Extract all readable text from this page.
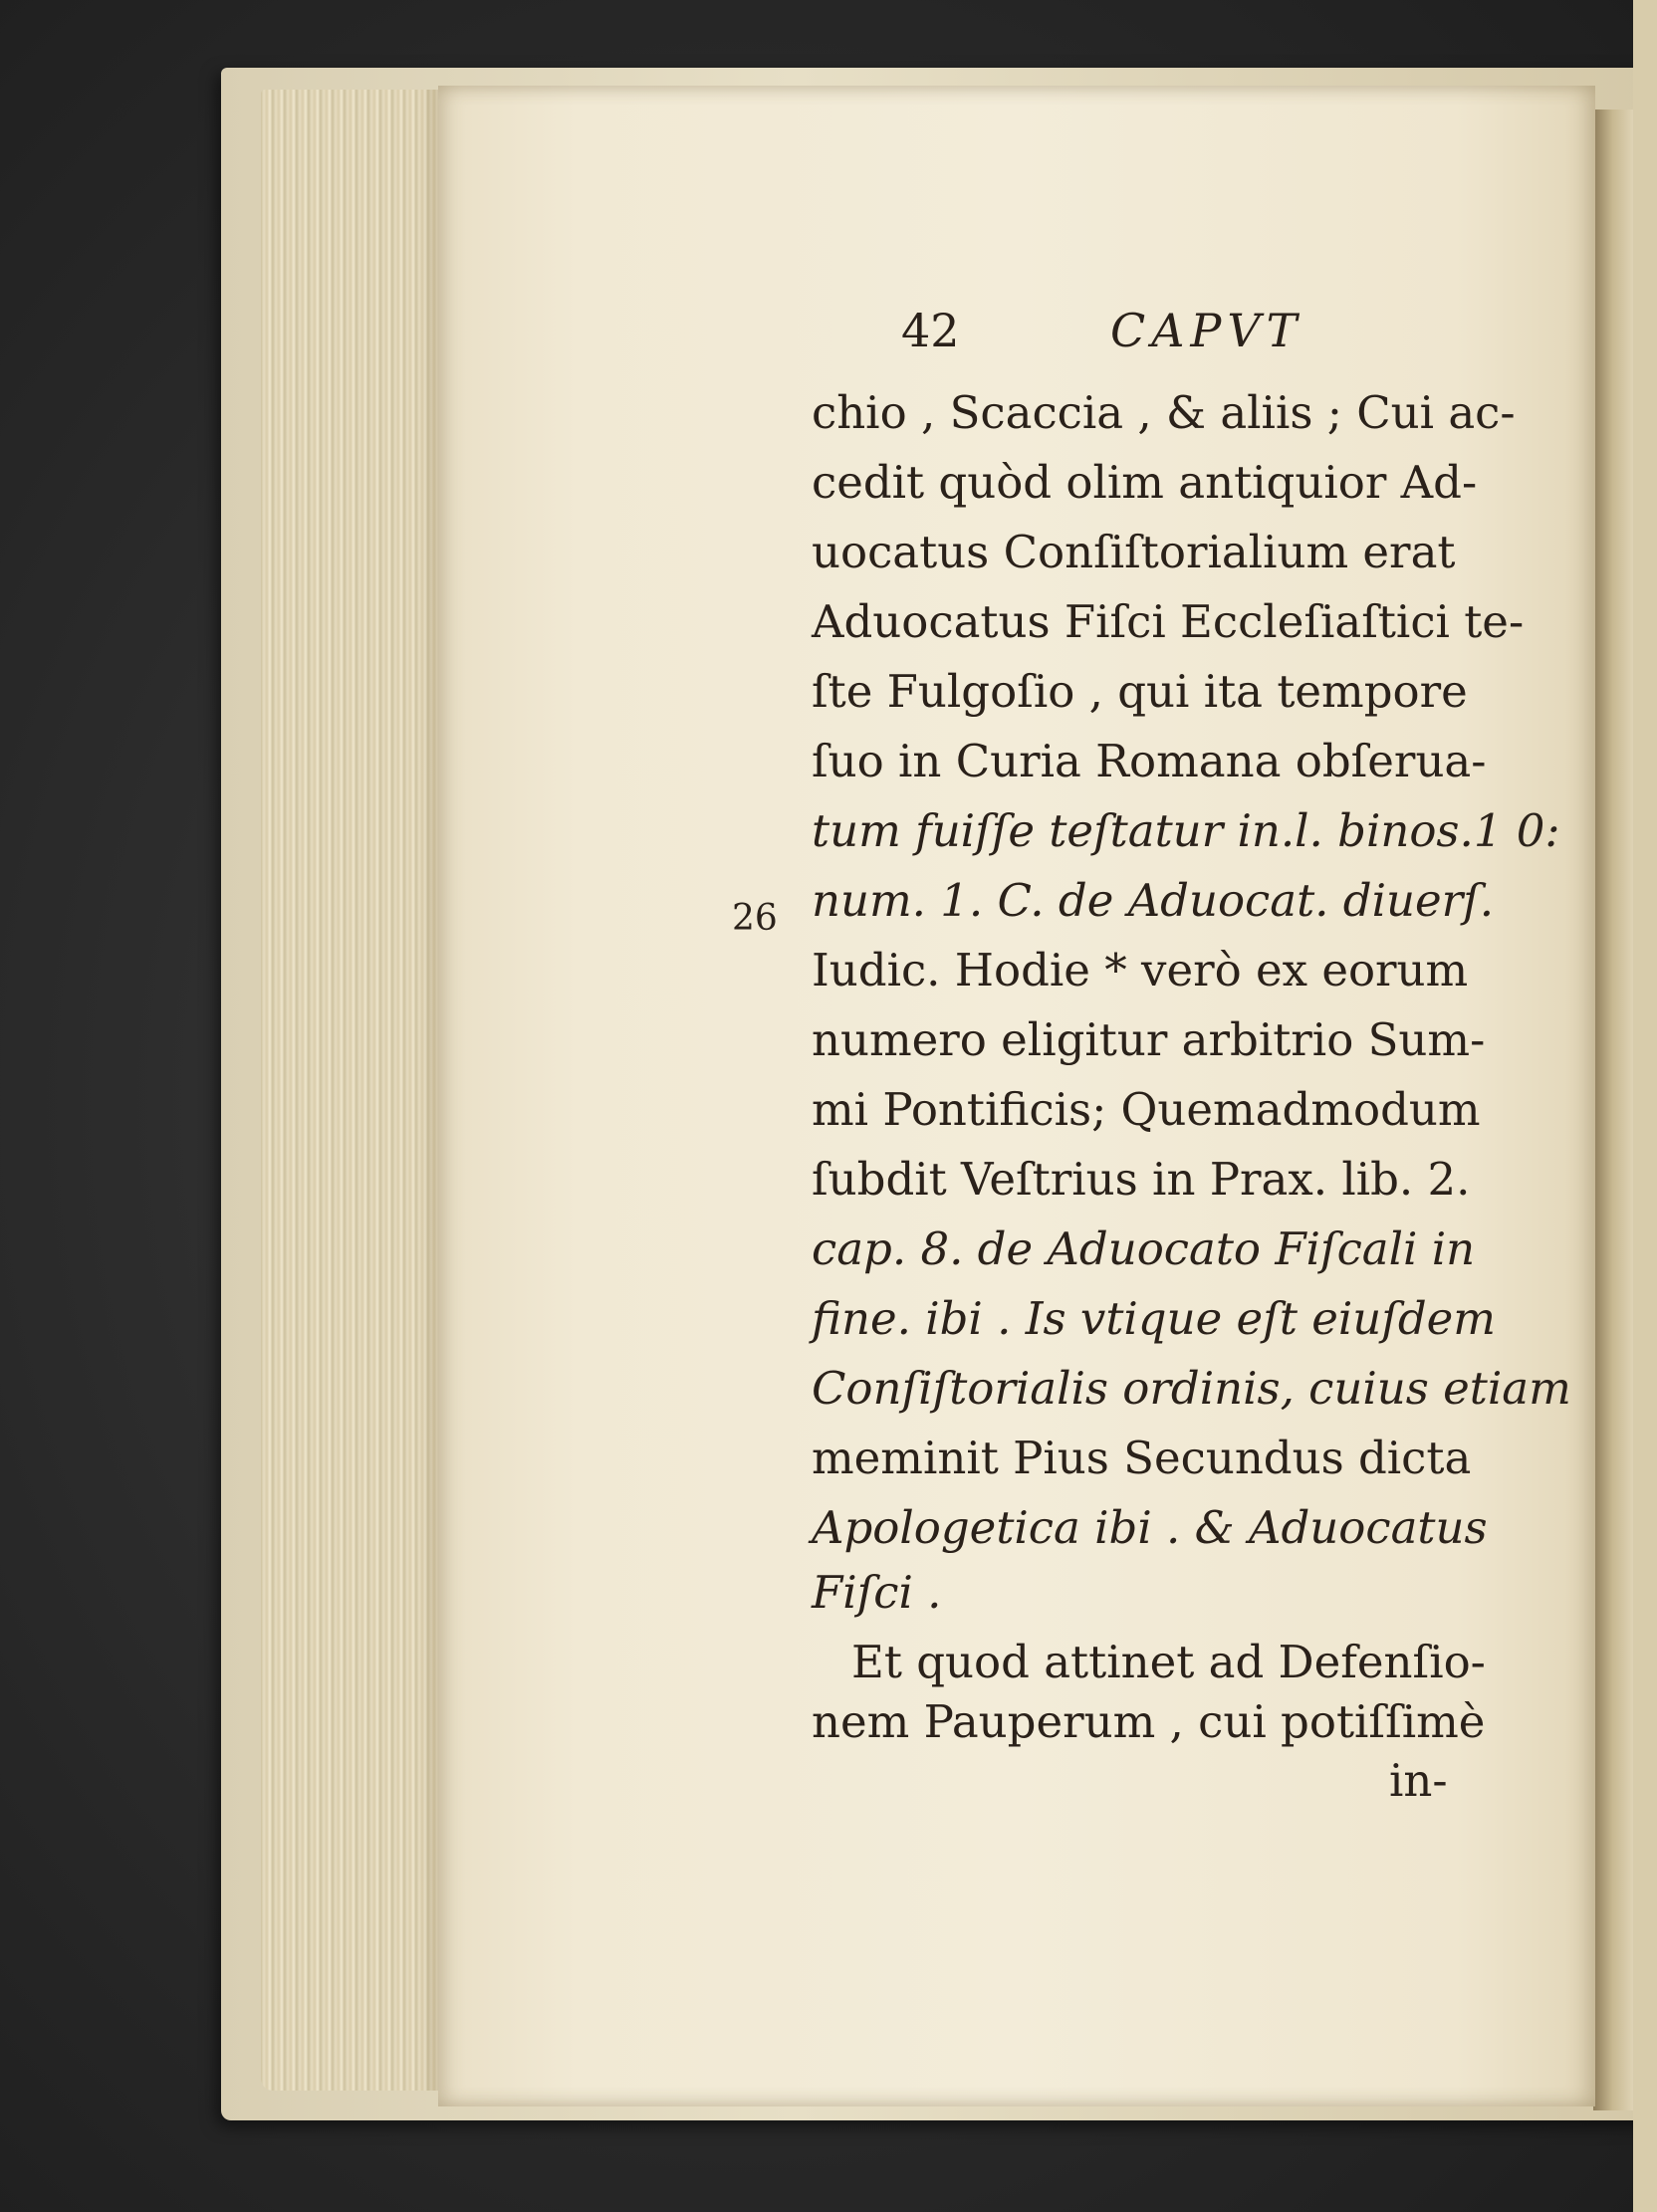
42	CAPVT
26
chio , Scaccia , & aliis ; Cui ac-
cedit quòd olim antiquior Ad-
uocatus Conſiſtorialium erat
Aduocatus Fiſci Eccleſiaſtici te-
ſte Fulgoſio , qui ita tempore
ſuo in Curia Romana obſerua-
tum fuiſſe teſtatur in.l. binos.1 0:
num. 1. C. de Aduocat. diuerſ.
Iudic. Hodie * verò ex eorum
numero eligitur arbitrio Sum-
mi Pontificis; Quemadmodum
ſubdit Veſtrius in Prax. lib. 2.
cap. 8. de Aduocato Fiſcali in
fine. ibi . Is vtique eſt eiuſdem
Conſiſtorialis ordinis, cuius etiam
meminit Pius Secundus dicta
Apologetica ibi . & Aduocatus
Fiſci .
Et quod attinet ad Defenſio-
nem Pauperum , cui potiſſimè
in-
